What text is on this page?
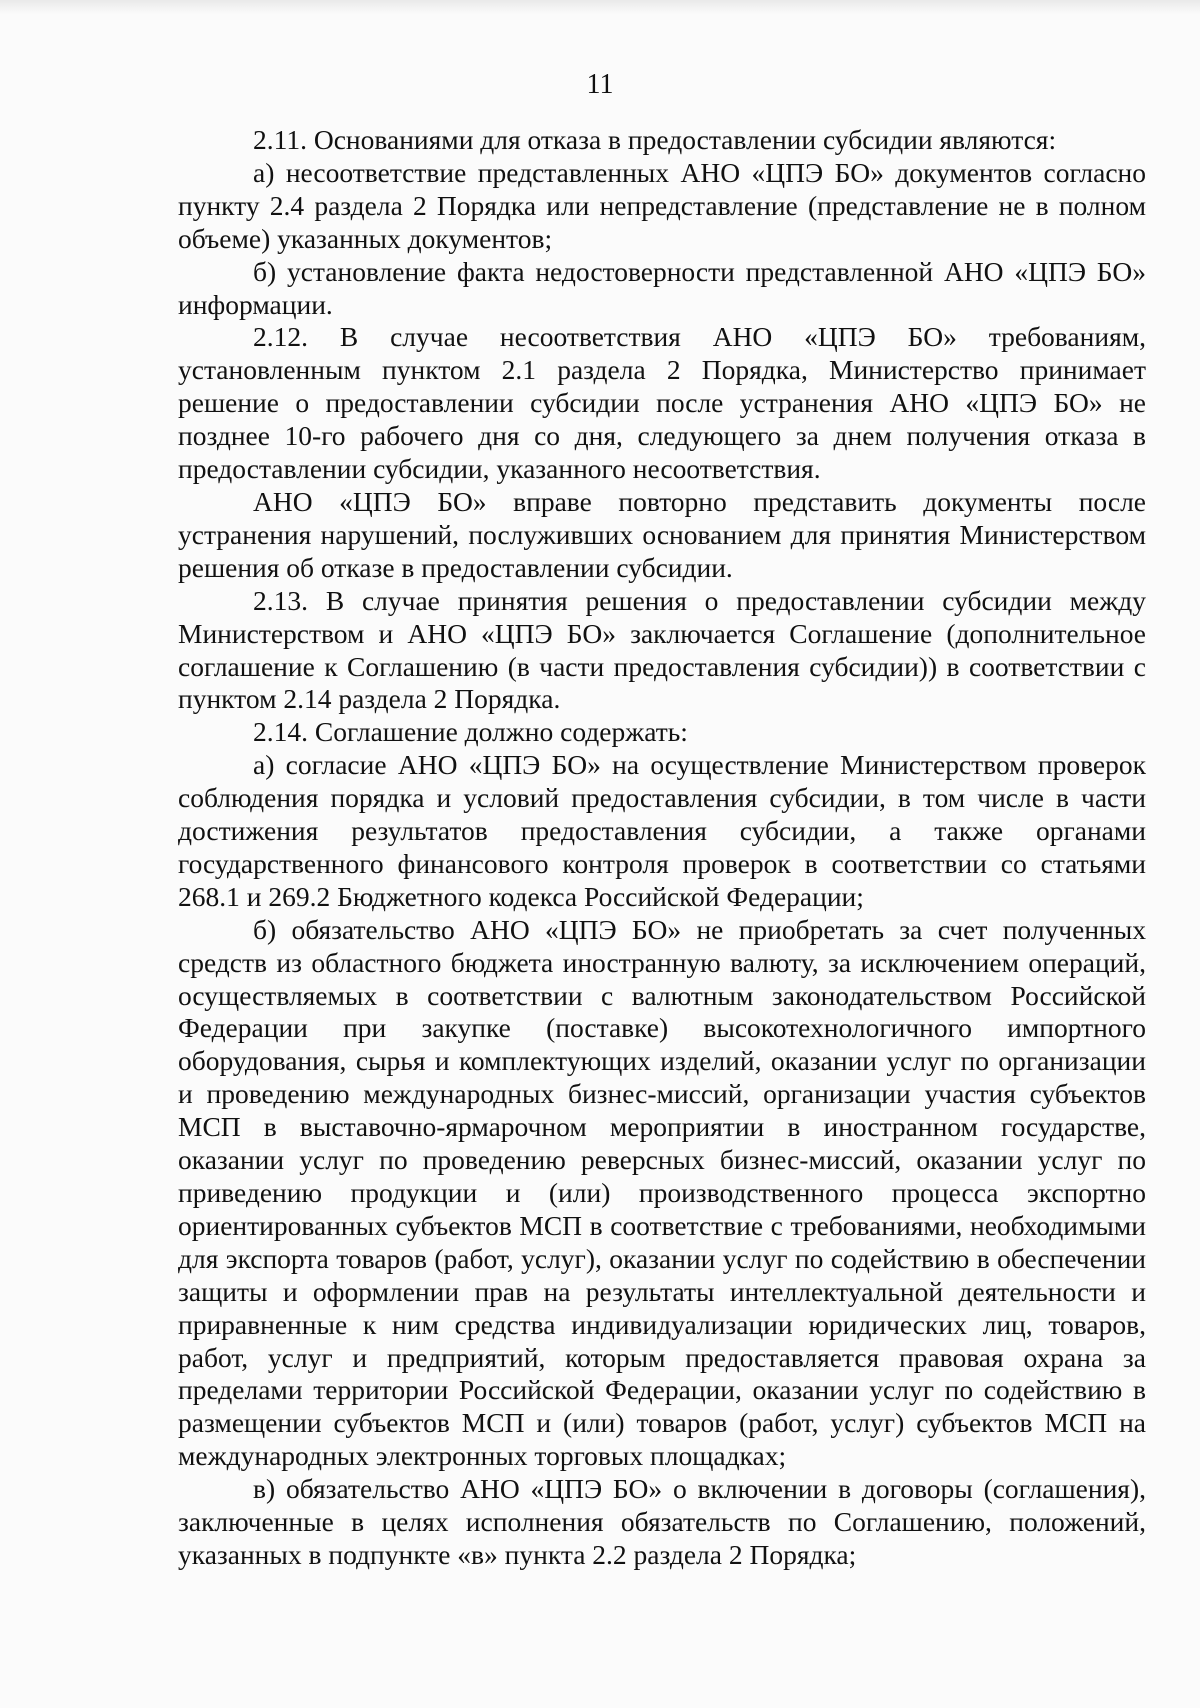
11

2.11. Основаниями для отказа в предоставлении субсидии являются:

а) несоответствие представленных АНО «ЦПЭ БО» документов согласно пункту 2.4 раздела 2 Порядка или непредставление (представление не в полном объеме) указанных документов;

б) установление факта недостоверности представленной АНО «ЦПЭ БО» информации.

2.12. В случае несоответствия АНО «ЦПЭ БО» требованиям, установленным пунктом 2.1 раздела 2 Порядка, Министерство принимает решение о предоставлении субсидии после устранения АНО «ЦПЭ БО» не позднее 10-го рабочего дня со дня, следующего за днем получения отказа в предоставлении субсидии, указанного несоответствия.

АНО «ЦПЭ БО» вправе повторно представить документы после устранения нарушений, послуживших основанием для принятия Министерством решения об отказе в предоставлении субсидии.

2.13. В случае принятия решения о предоставлении субсидии между Министерством и АНО «ЦПЭ БО» заключается Соглашение (дополнительное соглашение к Соглашению (в части предоставления субсидии)) в соответствии с пунктом 2.14 раздела 2 Порядка.

2.14. Соглашение должно содержать:

а) согласие АНО «ЦПЭ БО» на осуществление Министерством проверок соблюдения порядка и условий предоставления субсидии, в том числе в части достижения результатов предоставления субсидии, а также органами государственного финансового контроля проверок в соответствии со статьями 268.1 и 269.2 Бюджетного кодекса Российской Федерации;

б) обязательство АНО «ЦПЭ БО» не приобретать за счет полученных средств из областного бюджета иностранную валюту, за исключением операций, осуществляемых в соответствии с валютным законодательством Российской Федерации при закупке (поставке) высокотехнологичного импортного оборудования, сырья и комплектующих изделий, оказании услуг по организации и проведению международных бизнес-миссий, организации участия субъектов МСП в выставочно-ярмарочном мероприятии в иностранном государстве, оказании услуг по проведению реверсных бизнес-миссий, оказании услуг по приведению продукции и (или) производственного процесса экспортно ориентированных субъектов МСП в соответствие с требованиями, необходимыми для экспорта товаров (работ, услуг), оказании услуг по содействию в обеспечении защиты и оформлении прав на результаты интеллектуальной деятельности и приравненные к ним средства индивидуализации юридических лиц, товаров, работ, услуг и предприятий, которым предоставляется правовая охрана за пределами территории Российской Федерации, оказании услуг по содействию в размещении субъектов МСП и (или) товаров (работ, услуг) субъектов МСП на международных электронных торговых площадках;

в) обязательство АНО «ЦПЭ БО» о включении в договоры (соглашения), заключенные в целях исполнения обязательств по Соглашению, положений, указанных в подпункте «в» пункта 2.2 раздела 2 Порядка;
